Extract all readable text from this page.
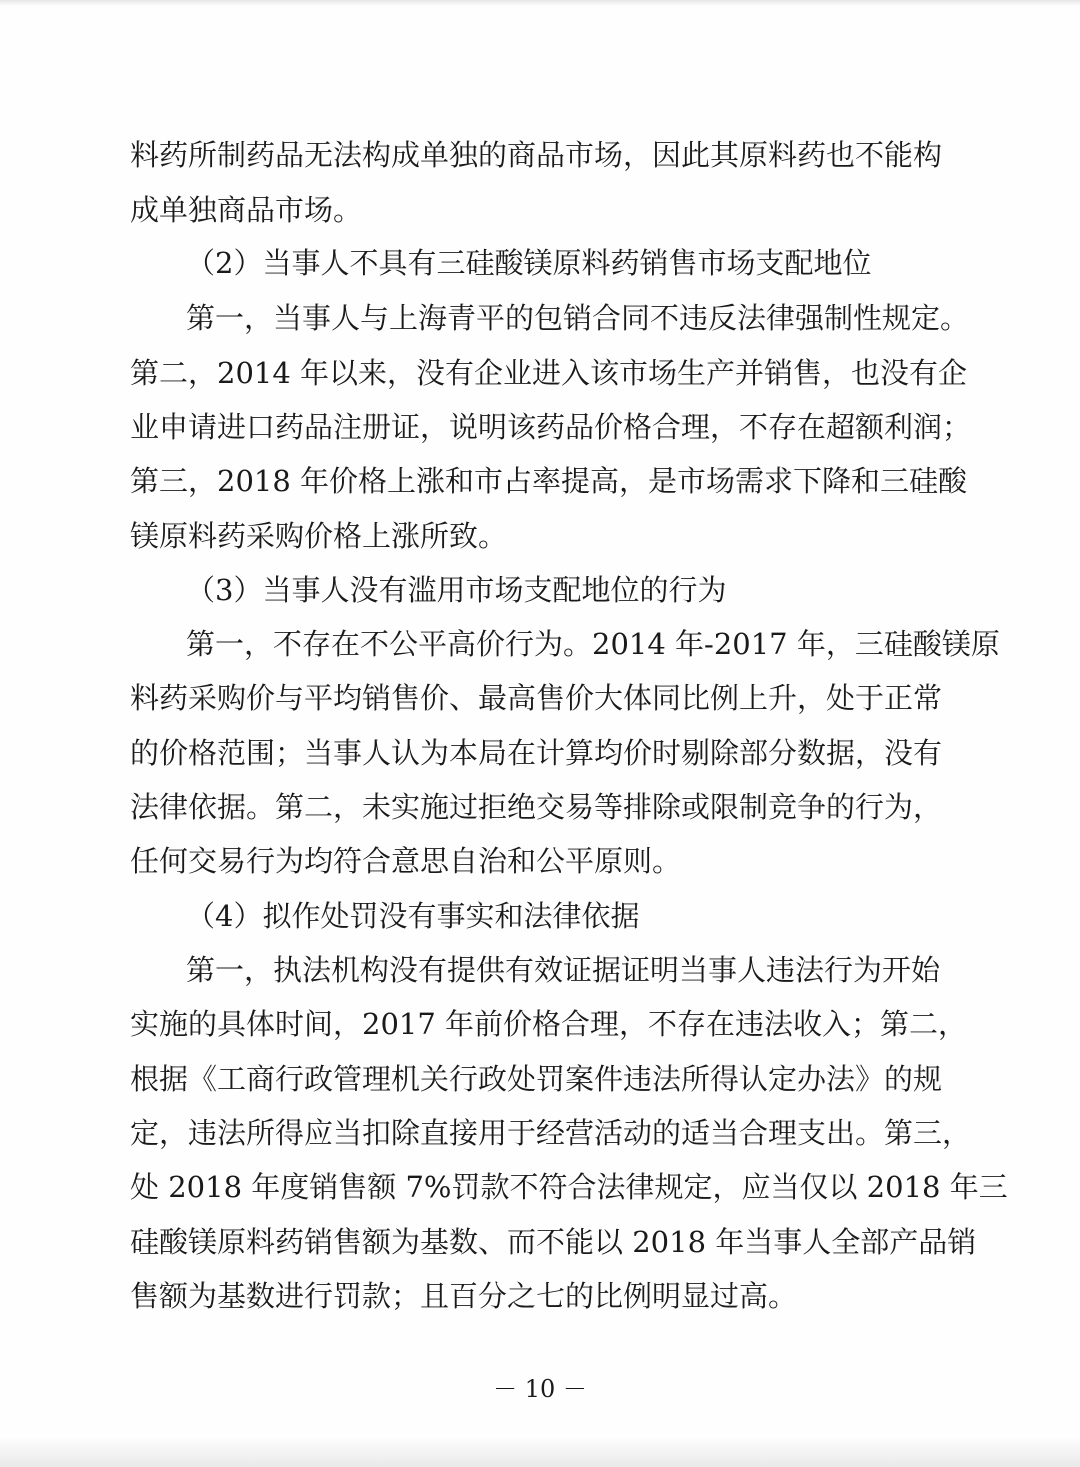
料药所制药品无法构成单独的商品市场，因此其原料药也不能构
成单独商品市场。
（2）当事人不具有三硅酸镁原料药销售市场支配地位
第一，当事人与上海青平的包销合同不违反法律强制性规定。
第二，2014 年以来，没有企业进入该市场生产并销售，也没有企
业申请进口药品注册证，说明该药品价格合理，不存在超额利润；
第三，2018 年价格上涨和市占率提高，是市场需求下降和三硅酸
镁原料药采购价格上涨所致。
（3）当事人没有滥用市场支配地位的行为
第一，不存在不公平高价行为。2014 年-2017 年，三硅酸镁原
料药采购价与平均销售价、最高售价大体同比例上升，处于正常
的价格范围；当事人认为本局在计算均价时剔除部分数据，没有
法律依据。第二，未实施过拒绝交易等排除或限制竞争的行为，
任何交易行为均符合意思自治和公平原则。
（4）拟作处罚没有事实和法律依据
第一，执法机构没有提供有效证据证明当事人违法行为开始
实施的具体时间，2017 年前价格合理，不存在违法收入；第二，
根据《工商行政管理机关行政处罚案件违法所得认定办法》的规
定，违法所得应当扣除直接用于经营活动的适当合理支出。第三，
处 2018 年度销售额 7%罚款不符合法律规定，应当仅以 2018 年三
硅酸镁原料药销售额为基数、而不能以 2018 年当事人全部产品销
售额为基数进行罚款；且百分之七的比例明显过高。
－ 10 －
